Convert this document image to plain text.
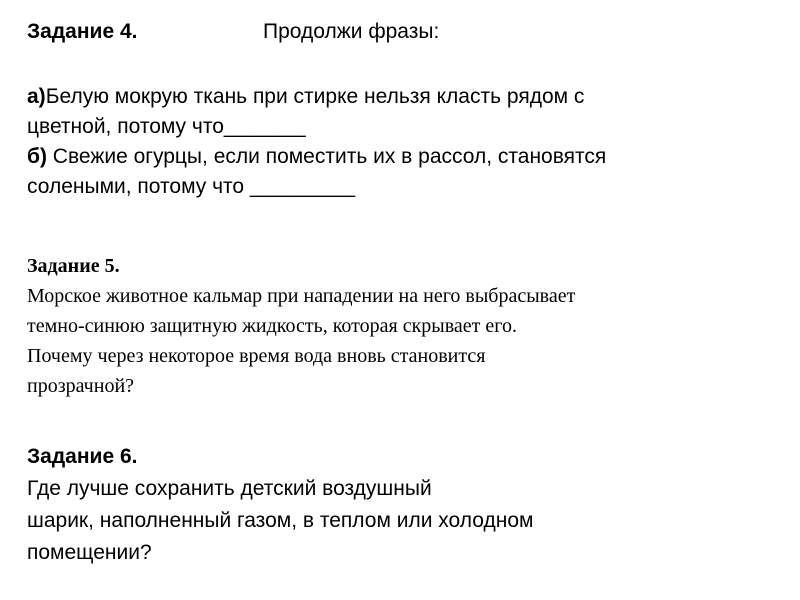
Задание 4.	Продолжи фразы:
а)Белую мокрую ткань при стирке нельзя класть рядом с
цветной, потому что_______
б) Свежие огурцы, если поместить их в рассол, становятся
солеными, потому что _________
Задание 5.
Морское животное кальмар при нападении на него выбрасывает
темно-синюю защитную жидкость, которая скрывает его.
Почему через некоторое время вода вновь становится
прозрачной?
Задание 6.
Где лучше сохранить детский воздушный
шарик, наполненный газом, в теплом или холодном
помещении?
